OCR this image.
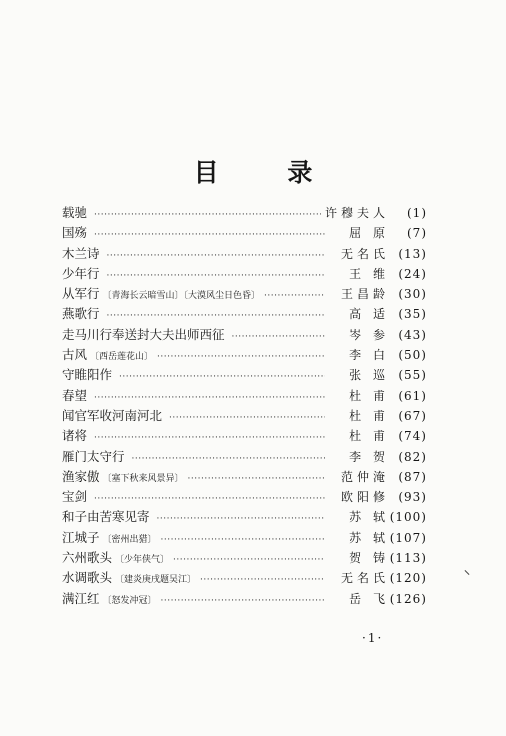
目 录
载驰 ·····	许穆夫人	(1)
国殇 ·····	屈 原	(7)
木兰诗 ·····	无名氏 (13)
少年行 ·····	王 维 (24)
从军行 〔青海长云暗雪山〕〔大漠风尘日色昏〕 ·····	王昌龄 (30)
燕歌行 ·····	高 适 (35)
走马川行奉送封大夫出师西征 ·····	岑 参 (43)
古风 〔西岳莲花山〕 ·····	李 白 (50)
守睢阳作 ·····	张 巡 (55)
春望 ·····	杜 甫 (61)
闻官军收河南河北 ·····	杜 甫 (67)
诸将 ·····	杜 甫 (74)
雁门太守行 ·····	李 贺 (82)
渔家傲 〔塞下秋来风景异〕 ·····	范仲淹 (87)
宝剑 ·····	欧阳修 (93)
和子由苦寒见寄 ·····	苏 轼 (100)
江城子 〔密州出猎〕 ·····	苏 轼 (107)
六州歌头 〔少年侠气〕 ·····	贺 铸 (113)
水调歌头 〔建炎庚戌题吴江〕 ·····	无名氏 (120)
满江红 〔怒发冲冠〕 ·····	岳 飞 (126)
·1·
